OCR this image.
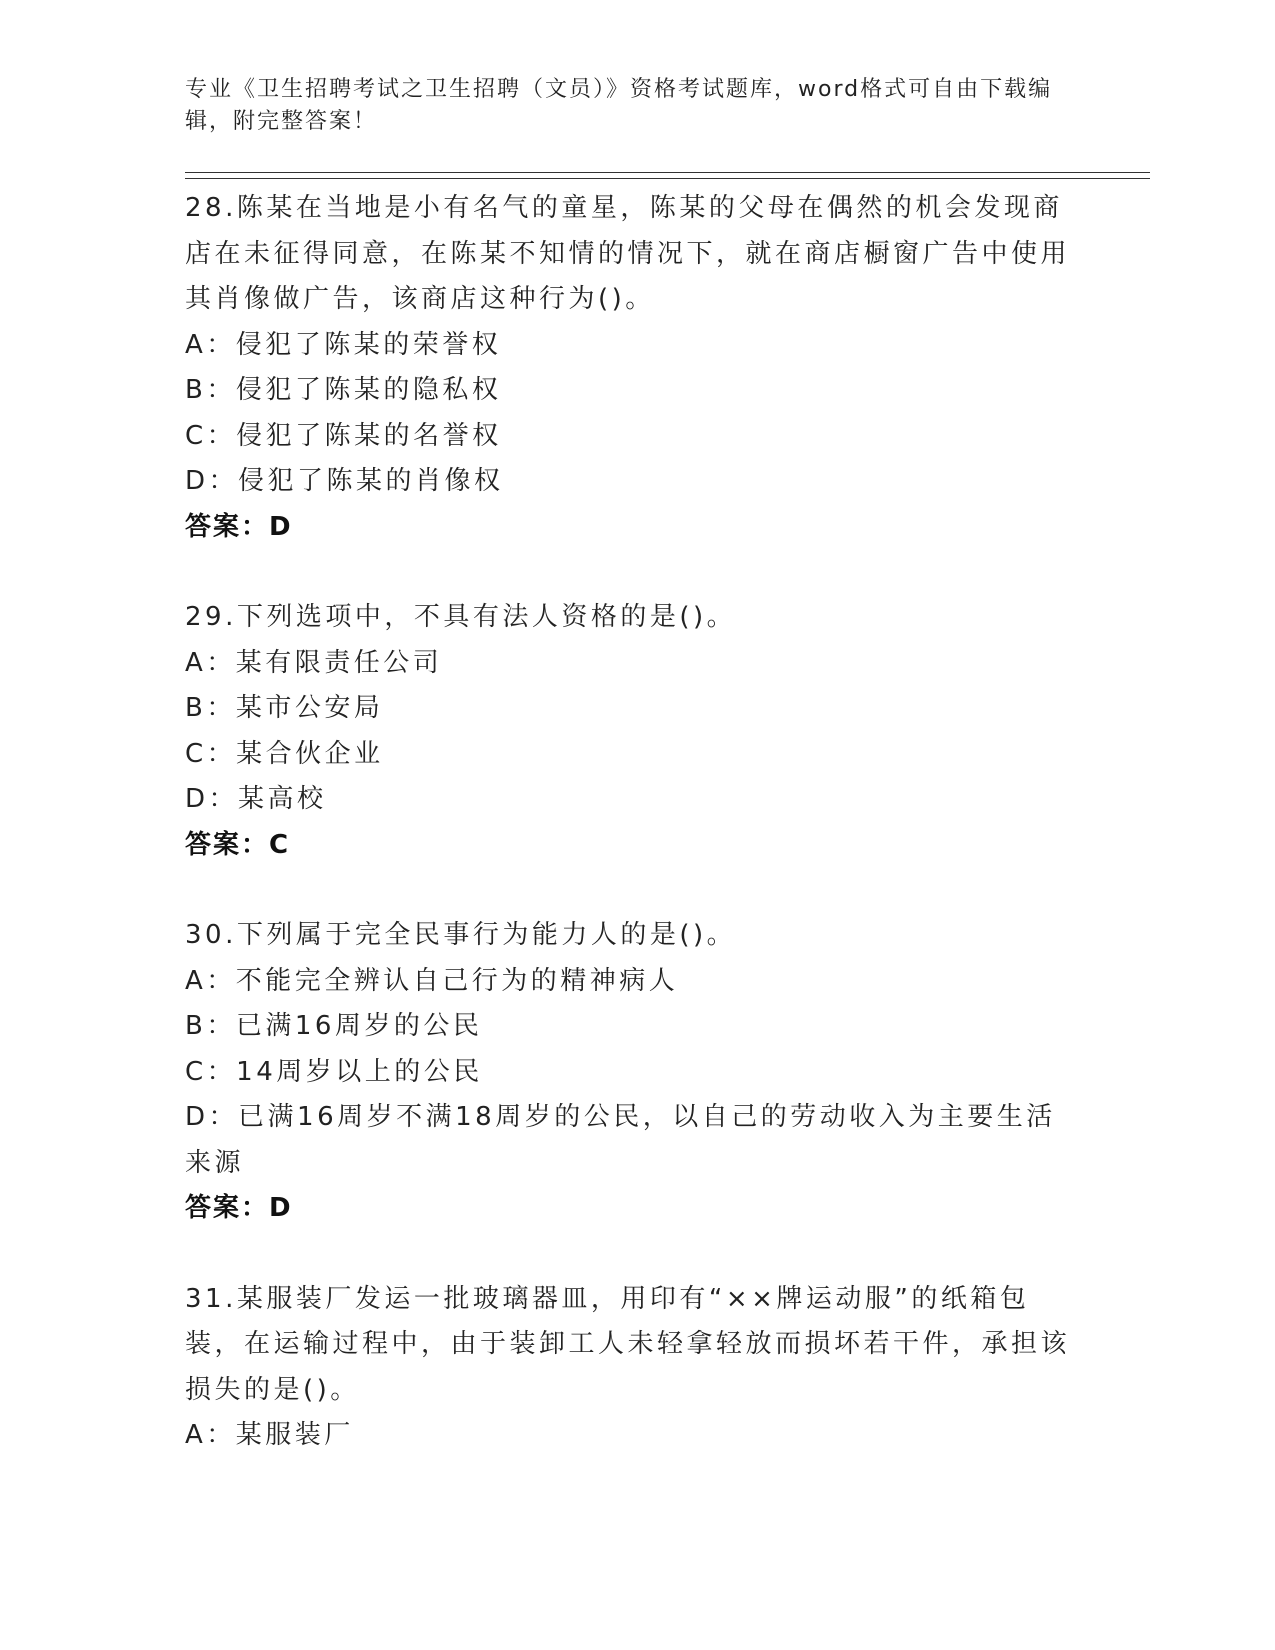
专业《卫生招聘考试之卫生招聘（文员）》资格考试题库，word格式可自由下载编辑，附完整答案！

28.陈某在当地是小有名气的童星，陈某的父母在偶然的机会发现商店在未征得同意，在陈某不知情的情况下，就在商店橱窗广告中使用其肖像做广告，该商店这种行为()。

A：侵犯了陈某的荣誉权

B：侵犯了陈某的隐私权

C：侵犯了陈某的名誉权

D：侵犯了陈某的肖像权

答案：D

29.下列选项中，不具有法人资格的是()。

A：某有限责任公司

B：某市公安局

C：某合伙企业

D：某高校

答案：C

30.下列属于完全民事行为能力人的是()。

A：不能完全辨认自己行为的精神病人

B：已满16周岁的公民

C：14周岁以上的公民

D：已满16周岁不满18周岁的公民，以自己的劳动收入为主要生活来源

答案：D

31.某服装厂发运一批玻璃器皿，用印有“××牌运动服”的纸箱包装，在运输过程中，由于装卸工人未轻拿轻放而损坏若干件，承担该损失的是()。

A：某服装厂
